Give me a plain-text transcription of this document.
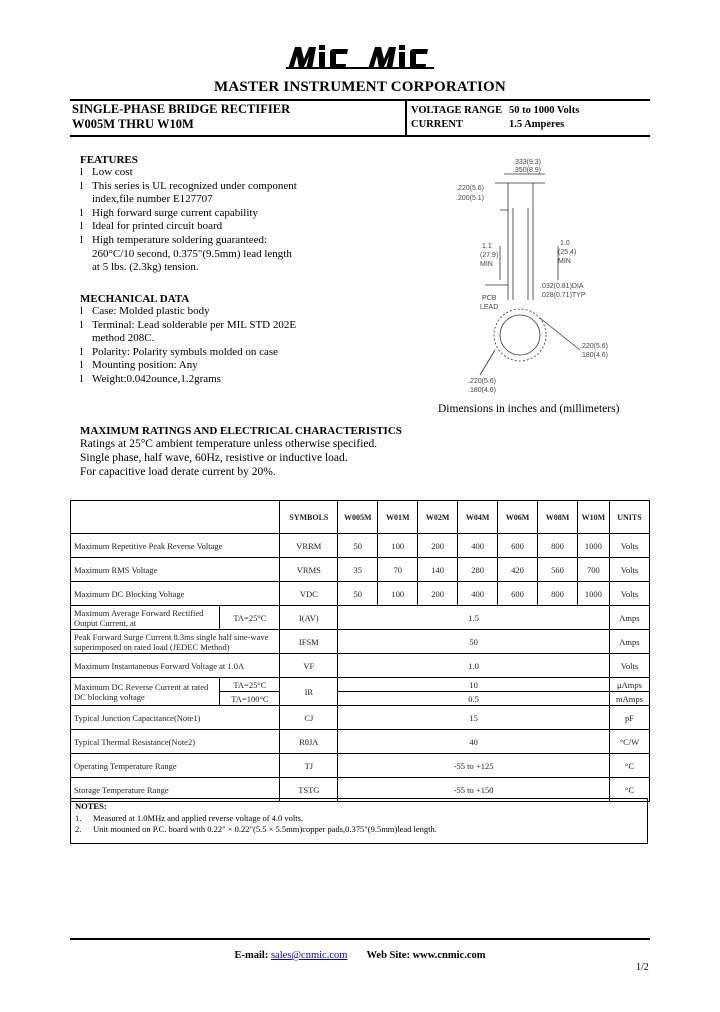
MASTER INSTRUMENT CORPORATION
SINGLE-PHASE BRIDGE RECTIFIER
W005M THRU W10M
VOLTAGE RANGE 50 to 1000 Volts
CURRENT	1.5 Amperes
FEATURES
l Low cost
l This series is UL recognized under component
index,file number E127707
l High forward surge current capability
l Ideal for printed circuit board
l High temperature soldering guaranteed:
260°C/10 second, 0.375"(9.5mm) lead length
at 5 lbs. (2.3kg) tension.
MECHANICAL DATA
l Case: Molded plastic body
l Terminal: Lead solderable per MIL STD 202E
method 208C.
l Polarity: Polarity symbuls molded on case
l Mounting position: Any
l Weight:0.042ounce,1.2grams
.333(9.3)
.350(8.9)
.220(5.6)
.200(5.1)
1.1
(27.9)
MIN
1.0
(25.4)
MIN
PCB
LEAD
.032(0.81)DIA
.028(0.71)TYP
.220(5.6)
.180(4.6)
.220(5.6)
.180(4.6)
Dimensions in inches and (millimeters)
MAXIMUM RATINGS AND ELECTRICAL CHARACTERISTICS
Ratings at 25°C ambient temperature unless otherwise specified.
Single phase, half wave, 60Hz, resistive or inductive load.
For capacitive load derate current by 20%.
		SYMBOLS	W005M	W01M	W02M	W04M	W06M	W08M	W10M	UNITS
Maximum Repetitive Peak Reverse Voltage		VRRM	50	100	200	400	600	800	1000	Volts
Maximum RMS Voltage		VRMS	35	70	140	280	420	560	700	Volts
Maximum DC Blocking Voltage		VDC	50	100	200	400	600	800	1000	Volts
Maximum Average Forward Rectified Output Current, at	TA=25°C	I(AV)	1.5							Amps
Peak Forward Surge Current 8.3ms single half sine-wave superimposed on rated load (JEDEC Method)		IFSM	50							Amps
Maximum Instantaneous Forward Voltage at 1.0A		VF	1.0							Volts
Maximum DC Reverse Current at rated DC blocking voltage	TA=25°C	IR	10							μAmps
	TA=100°C		0.5							mAmps
Typical Junction Capacitance(Note1)		CJ	15							pF
Typical Thermal Resistance(Note2)		RθJA	40							°C/W
Operating Temperature Range		TJ	-55 to +125							°C
Storage Temperature Range		TSTG	-55 to +150							°C
NOTES:
1. Measured at 1.0MHz and applied reverse voltage of 4.0 volts.
2. Unit mounted on P.C. board with 0.22" × 0.22"(5.5 × 5.5mm)copper pads,0.375"(9.5mm)lead length.
E-mail: sales@cnmic.com Web Site: www.cnmic.com
1/2
